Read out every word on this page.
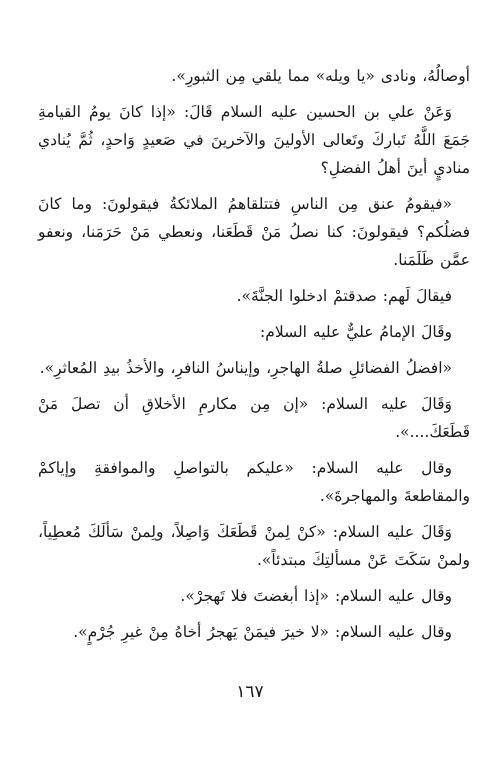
أوصالُهُ، ونادى «يا ويله» مما يلقي مِن الثبورِ».

وَعَنْ علي بن الحسين عليه السلام قَالَ: «إذا كانَ يومُ القيامةِ جَمَعَ اللَّهُ تَباركَ وتَعالى الأولينَ والآخرينَ في صَعيدٍ وَاحدٍ، ثُمَّ يُنادي مناديٍ أينَ أهلُ الفضلِ؟

«فيقومُ عنق مِن الناسِ فتتلقاهمُ الملائكةُ فيقولونَ: وما كانَ فضلُكم؟ فيقولونَ: كنا نصلُ مَنْ قَطَعَنا، ونعطي مَنْ حَرَمَنا، ونعفو عمَّن ظَلَمَنا.

فيقالَ لَهم: صدقتمْ ادخلوا الجنَّةَ».

وقَالَ الإمامُ عليٌّ عليه السلام:

«افضلُ الفضائلِ صلةُ الهاجرِ، وإيناسُ النافرِ، والأخذُ بيدِ المُعاثرِ».

وَقَالَ عليه السلام: «إن مِن مكارمِ الأخلاقِ أن تصلَ مَنْ قَطَعَكَ....».

وقال عليه السلام: «عليكم بالتواصلِ والموافقةِ وإياكمْ والمقاطعةَ والمهاجرةَ».

وَقَالَ عليه السلام: «كنْ لِمنْ قَطَعَكَ وَاصِلاً، ولِمنْ سَألَكَ مُعطِياً، ولمنْ سَكَتَ عَنْ مسألتِكَ مبتدئاً».

وقال عليه السلام: «إذا أبغضتَ فلا تَهجرْ».

وقال عليه السلام: «لا خيرَ فيمَنْ يَهجرُ أخاهُ مِنْ غيرِ جُرْمٍ».

١٦٧
